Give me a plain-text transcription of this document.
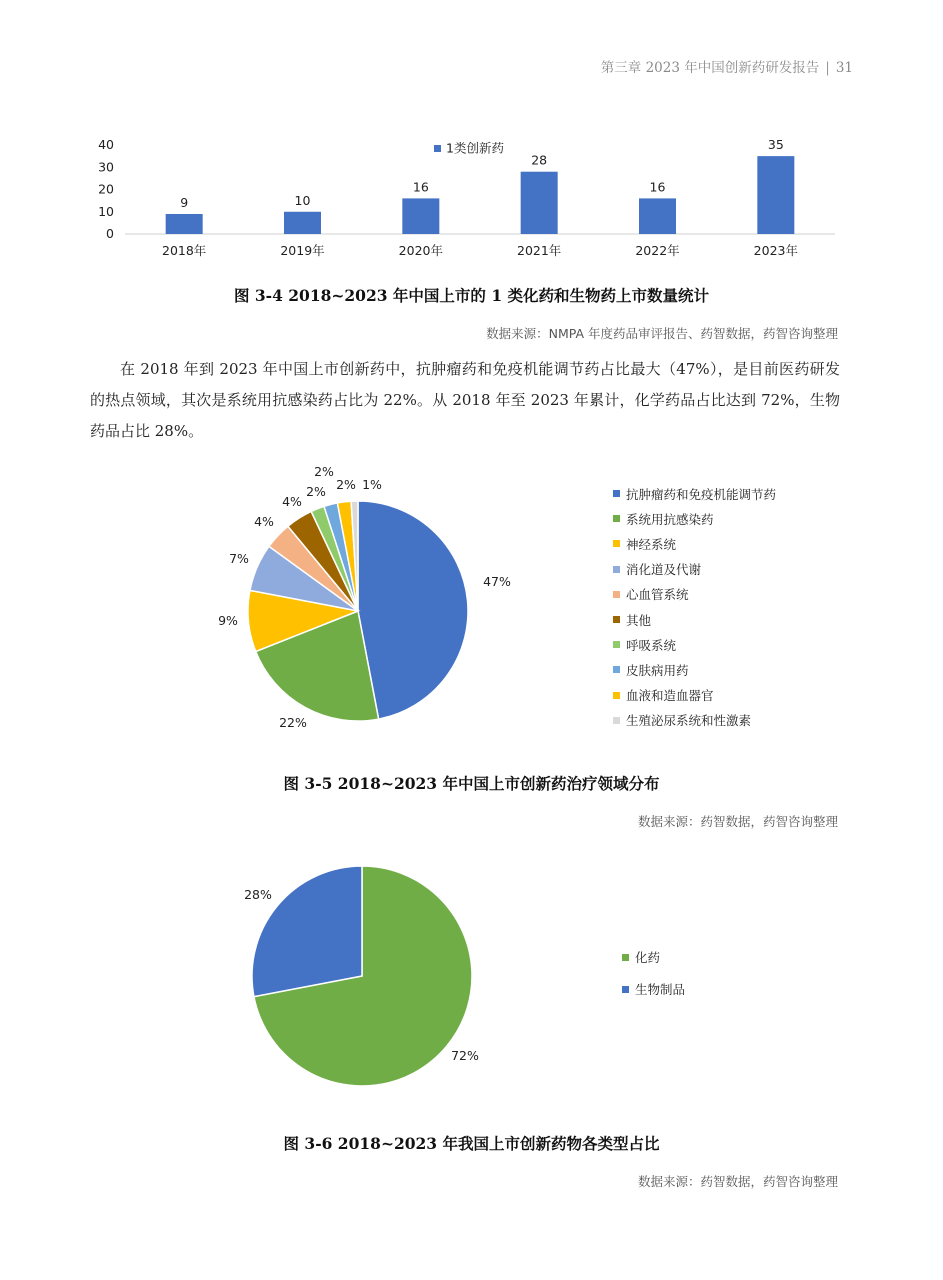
第三章 2023 年中国创新药研发报告 | 31
0
10
20
30
40
9
2018年
10
2019年
16
2020年
28
2021年
16
2022年
35
2023年
1类创新药
图 3-4 2018~2023 年中国上市的 1 类化药和生物药上市数量统计
数据来源：NMPA 年度药品审评报告、药智数据，药智咨询整理

在 2018 年到 2023 年中国上市创新药中，抗肿瘤药和免疫机能调节药占比最大（47%），是目前医药研发的热点领域，其次是系统用抗感染药占比为 22%。从 2018 年至 2023 年累计，化学药品占比达到 72%，生物药品占比 28%。

47%
22%
9%
7%
4%
4%
2%
2%
2% 1%
抗肿瘤药和免疫机能调节药
系统用抗感染药
神经系统
消化道及代谢
心血管系统
其他
呼吸系统
皮肤病用药
血液和造血器官
生殖泌尿系统和性激素
图 3-5 2018~2023 年中国上市创新药治疗领域分布
数据来源：药智数据，药智咨询整理
72%
28%
化药
生物制品
图 3-6 2018~2023 年我国上市创新药物各类型占比
数据来源：药智数据，药智咨询整理
